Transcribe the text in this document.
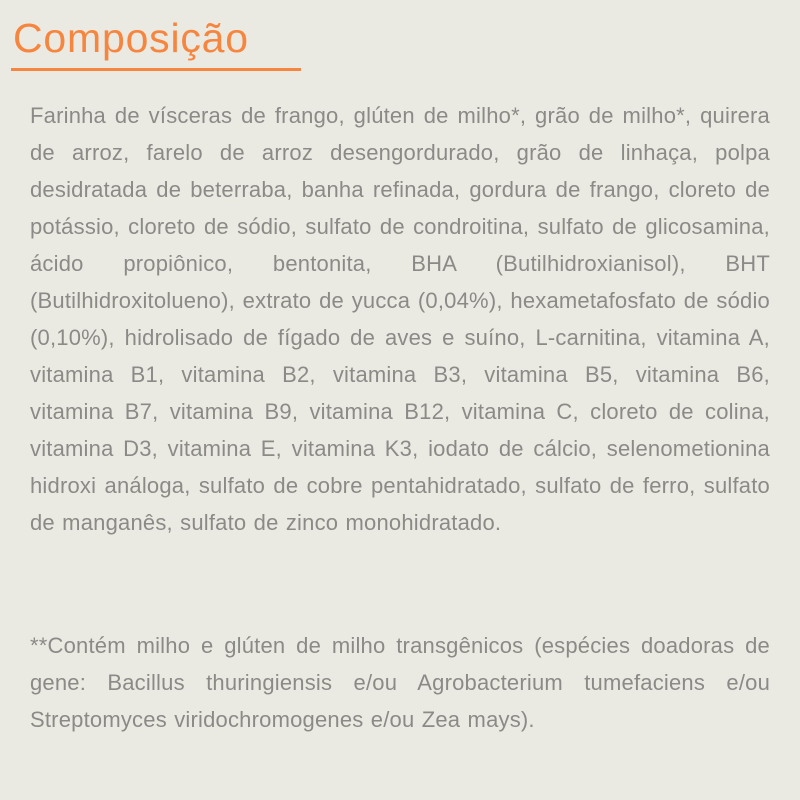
Composição

Farinha de vísceras de frango, glúten de milho*, grão de milho*, quirera de arroz, farelo de arroz desengordurado, grão de linhaça, polpa desidratada de beterraba, banha refinada, gordura de frango, cloreto de potássio, cloreto de sódio, sulfato de condroitina, sulfato de glicosamina, ácido propiônico, bentonita, BHA (Butilhidroxianisol), BHT (Butilhidroxitolueno), extrato de yucca (0,04%), hexametafosfato de sódio (0,10%), hidrolisado de fígado de aves e suíno, L-carnitina, vitamina A, vitamina B1, vitamina B2, vitamina B3, vitamina B5, vitamina B6, vitamina B7, vitamina B9, vitamina B12, vitamina C, cloreto de colina, vitamina D3, vitamina E, vitamina K3, iodato de cálcio, selenometionina hidroxi análoga, sulfato de cobre pentahidratado, sulfato de ferro, sulfato de manganês, sulfato de zinco monohidratado.

**Contém milho e glúten de milho transgênicos (espécies doadoras de gene: Bacillus thuringiensis e/ou Agrobacterium tumefaciens e/ou Streptomyces viridochromogenes e/ou Zea mays).
